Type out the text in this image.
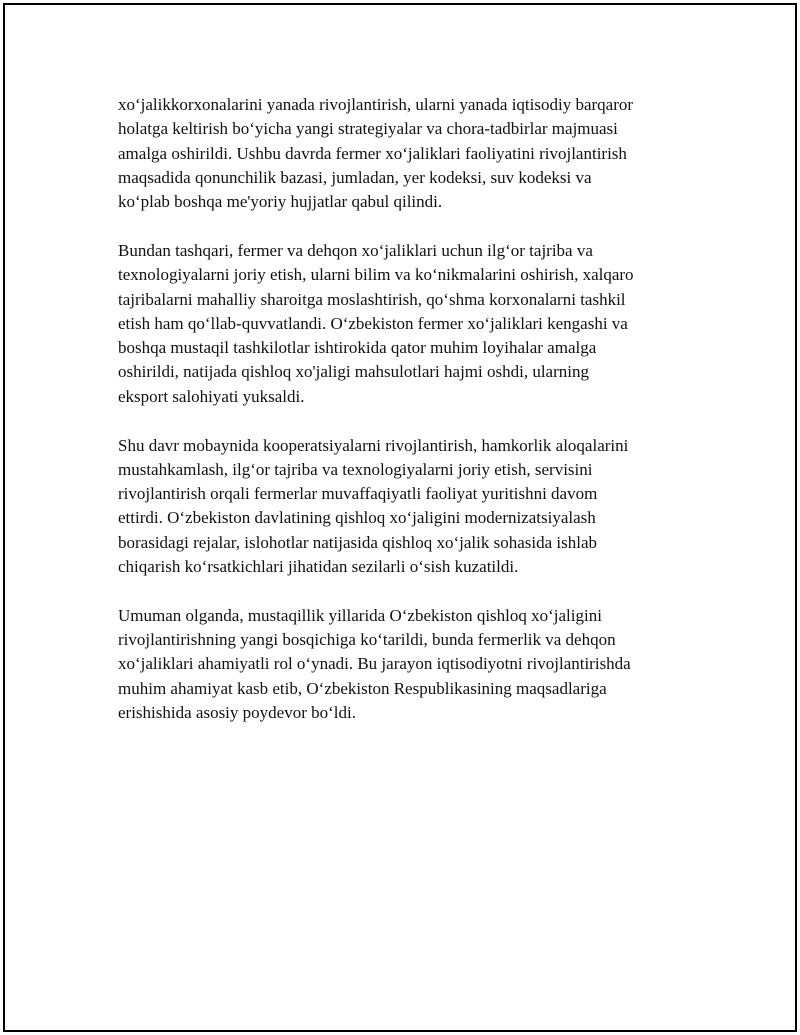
xo‘jalikkorxonalarini yanada rivojlantirish, ularni yanada iqtisodiy barqaror
holatga keltirish bo‘yicha yangi strategiyalar va chora-tadbirlar majmuasi
amalga oshirildi. Ushbu davrda fermer xo‘jaliklari faoliyatini rivojlantirish
maqsadida qonunchilik bazasi, jumladan, yer kodeksi, suv kodeksi va
ko‘plab boshqa me'yoriy hujjatlar qabul qilindi.

Bundan tashqari, fermer va dehqon xo‘jaliklari uchun ilg‘or tajriba va
texnologiyalarni joriy etish, ularni bilim va ko‘nikmalarini oshirish, xalqaro
tajribalarni mahalliy sharoitga moslashtirish, qo‘shma korxonalarni tashkil
etish ham qo‘llab-quvvatlandi. O‘zbekiston fermer xo‘jaliklari kengashi va
boshqa mustaqil tashkilotlar ishtirokida qator muhim loyihalar amalga
oshirildi, natijada qishloq xo'jaligi mahsulotlari hajmi oshdi, ularning
eksport salohiyati yuksaldi.

Shu davr mobaynida kooperatsiyalarni rivojlantirish, hamkorlik aloqalarini
mustahkamlash, ilg‘or tajriba va texnologiyalarni joriy etish, servisini
rivojlantirish orqali fermerlar muvaffaqiyatli faoliyat yuritishni davom
ettirdi. O‘zbekiston davlatining qishloq xo‘jaligini modernizatsiyalash
borasidagi rejalar, islohotlar natijasida qishloq xo‘jalik sohasida ishlab
chiqarish ko‘rsatkichlari jihatidan sezilarli o‘sish kuzatildi.

Umuman olganda, mustaqillik yillarida O‘zbekiston qishloq xo‘jaligini
rivojlantirishning yangi bosqichiga ko‘tarildi, bunda fermerlik va dehqon
xo‘jaliklari ahamiyatli rol o‘ynadi. Bu jarayon iqtisodiyotni rivojlantirishda
muhim ahamiyat kasb etib, O‘zbekiston Respublikasining maqsadlariga
erishishida asosiy poydevor bo‘ldi.
